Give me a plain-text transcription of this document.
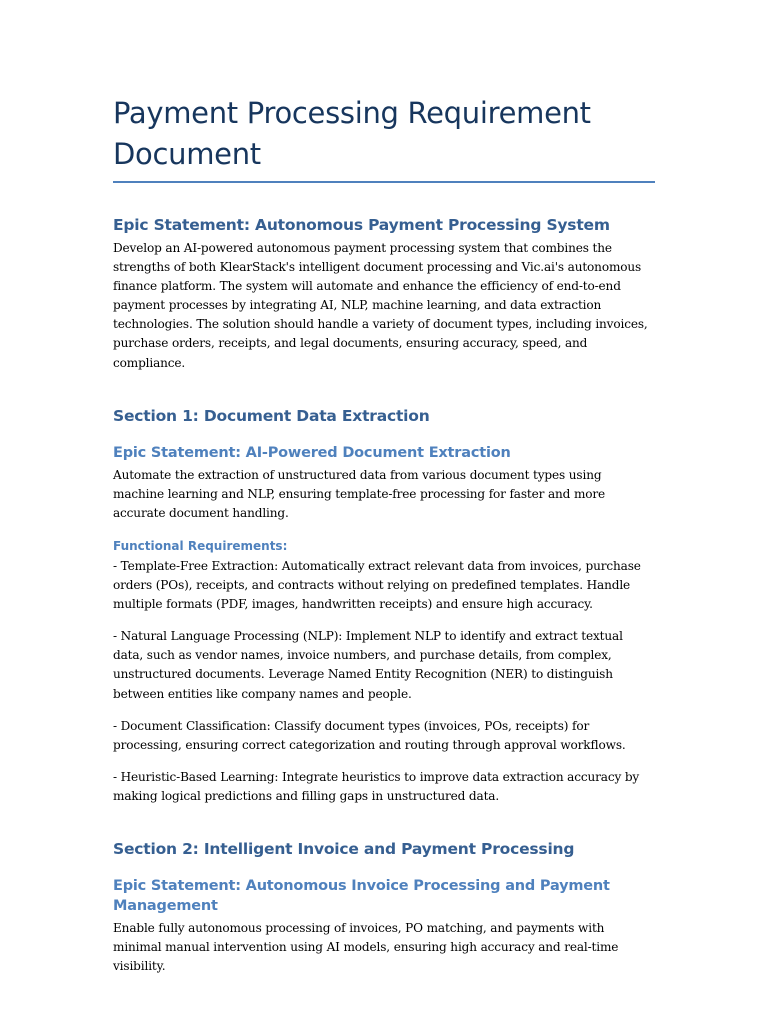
Payment Processing Requirement Document
Epic Statement: Autonomous Payment Processing System

Develop an AI-powered autonomous payment processing system that combines the strengths of both KlearStack's intelligent document processing and Vic.ai's autonomous finance platform. The system will automate and enhance the efficiency of end-to-end payment processes by integrating AI, NLP, machine learning, and data extraction technologies. The solution should handle a variety of document types, including invoices, purchase orders, receipts, and legal documents, ensuring accuracy, speed, and compliance.

Section 1: Document Data Extraction
Epic Statement: AI-Powered Document Extraction

Automate the extraction of unstructured data from various document types using machine learning and NLP, ensuring template-free processing for faster and more accurate document handling.

Functional Requirements:

- Template-Free Extraction: Automatically extract relevant data from invoices, purchase orders (POs), receipts, and contracts without relying on predefined templates. Handle multiple formats (PDF, images, handwritten receipts) and ensure high accuracy.

- Natural Language Processing (NLP): Implement NLP to identify and extract textual data, such as vendor names, invoice numbers, and purchase details, from complex, unstructured documents. Leverage Named Entity Recognition (NER) to distinguish between entities like company names and people.

- Document Classification: Classify document types (invoices, POs, receipts) for processing, ensuring correct categorization and routing through approval workflows.

- Heuristic-Based Learning: Integrate heuristics to improve data extraction accuracy by making logical predictions and filling gaps in unstructured data.

Section 2: Intelligent Invoice and Payment Processing
Epic Statement: Autonomous Invoice Processing and Payment Management

Enable fully autonomous processing of invoices, PO matching, and payments with minimal manual intervention using AI models, ensuring high accuracy and real-time visibility.
